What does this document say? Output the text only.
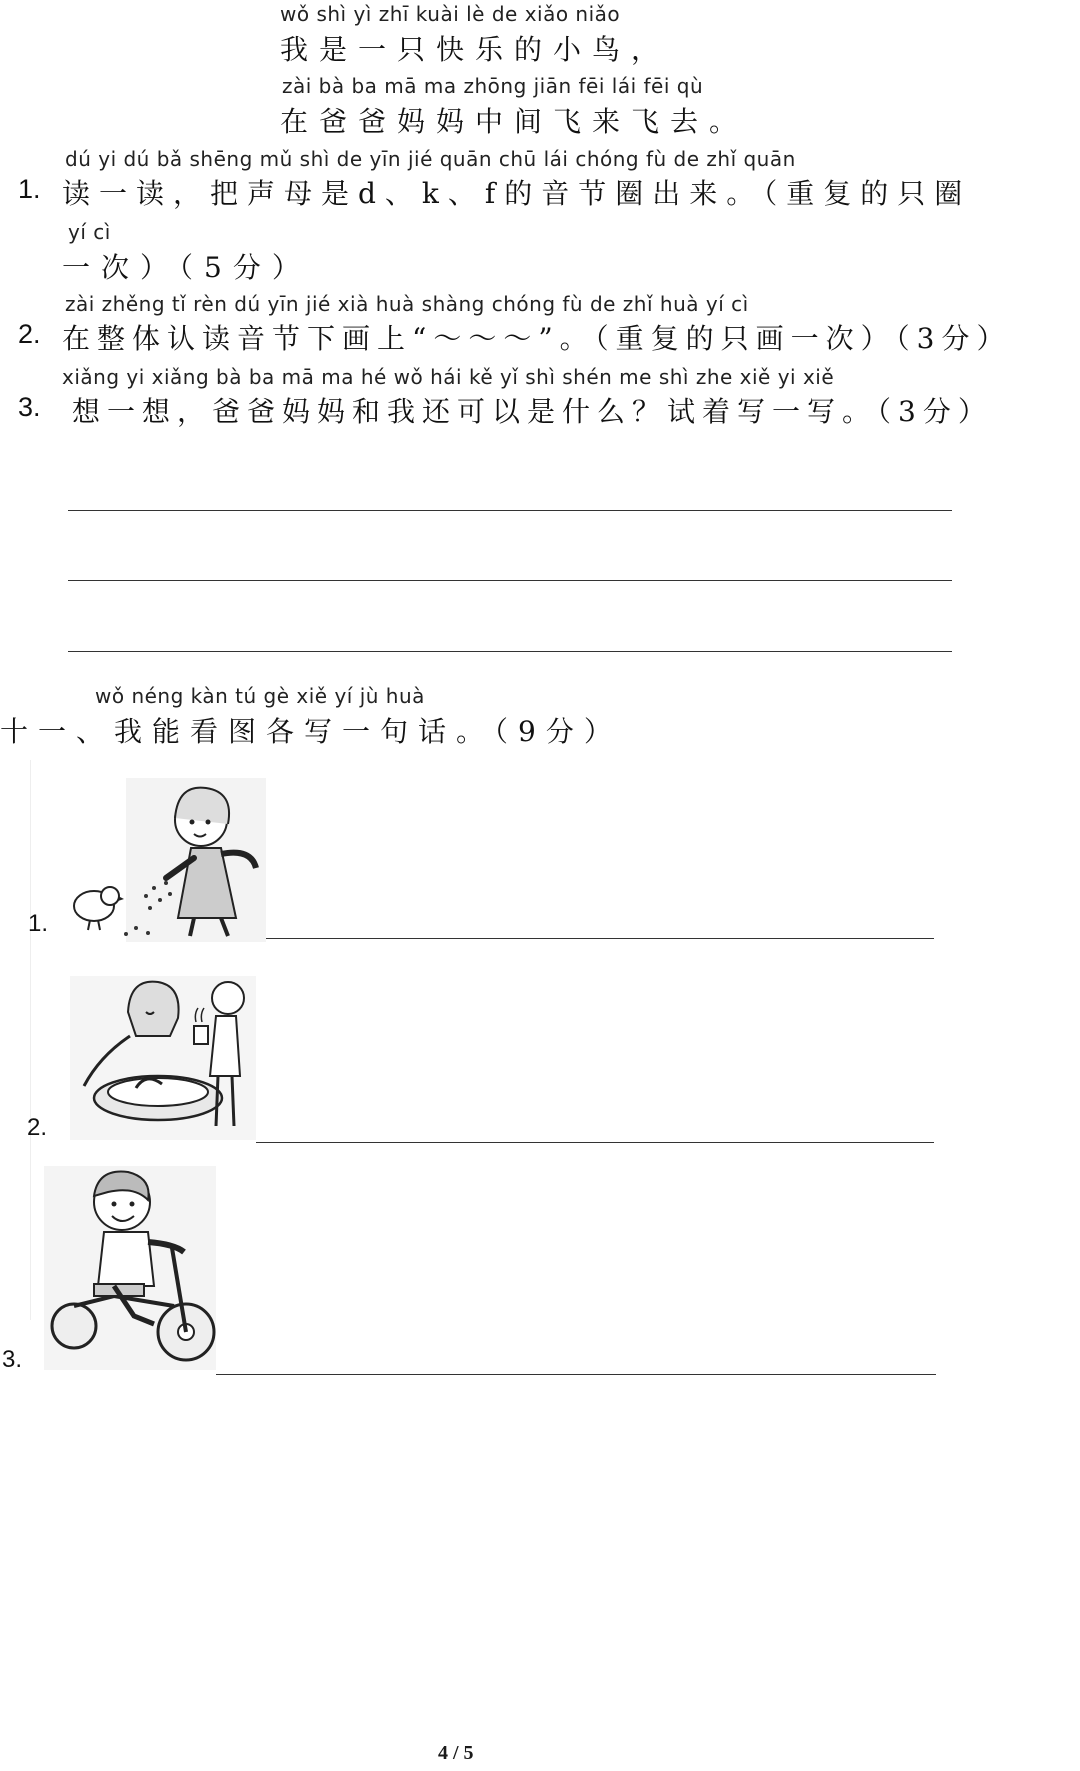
wǒ shì yì zhī kuài lè de xiǎo niǎo
我是一只快乐的小鸟，
zài bà ba mā ma zhōng jiān fēi lái fēi qù
在爸爸妈妈中间飞来飞去。
dú yi dú bǎ shēng mǔ shì de yīn jié quān chū lái chóng fù de zhǐ quān
1. 读一读，把声母是d、k、f的音节圈出来。（重复的只圈
yí cì
一次）（5分）
zài zhěng tǐ rèn dú yīn jié xià huà shàng chóng fù de zhǐ huà yí cì
2. 在整体认读音节下画上“～～～”。（重复的只画一次）（3分）
xiǎng yi xiǎng bà ba mā ma hé wǒ hái kě yǐ shì shén me shì zhe xiě yi xiě
3. 想一想，爸爸妈妈和我还可以是什么？试着写一写。（3分）
wǒ néng kàn tú gè xiě yí jù huà
十一、我能看图各写一句话。（9分）
1.
2.
3.
4 / 5
